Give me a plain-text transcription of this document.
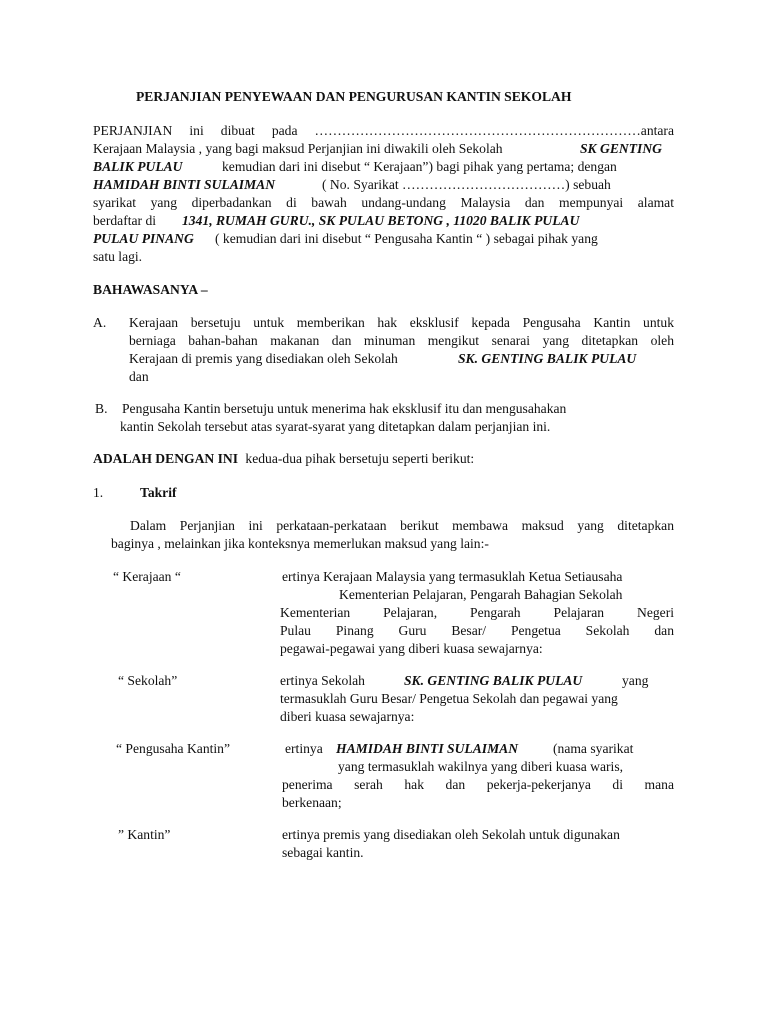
PERJANJIAN PENYEWAAN DAN PENGURUSAN KANTIN SEKOLAH
PERJANJIAN ini dibuat pada ………………………………………………………………antara
Kerajaan Malaysia , yang bagi maksud Perjanjian ini diwakili oleh Sekolah	SK GENTING
BALIK PULAU	kemudian dari ini disebut “ Kerajaan”) bagi pihak yang pertama; dengan
HAMIDAH BINTI SULAIMAN	( No. Syarikat ………………………………) sebuah
syarikat yang diperbadankan di bawah undang-undang Malaysia dan mempunyai alamat
berdaftar di 1341, RUMAH GURU., SK PULAU BETONG , 11020 BALIK PULAU
PULAU PINANG ( kemudian dari ini disebut “ Pengusaha Kantin “ ) sebagai pihak yang
satu lagi.
BAHAWASANYA –
A. Kerajaan bersetuju untuk memberikan hak eksklusif kepada Pengusaha Kantin untuk
berniaga bahan-bahan makanan dan minuman mengikut senarai yang ditetapkan oleh
Kerajaan di premis yang disediakan oleh Sekolah	SK. GENTING BALIK PULAU
dan
B. Pengusaha Kantin bersetuju untuk menerima hak eksklusif itu dan mengusahakan
kantin Sekolah tersebut atas syarat-syarat yang ditetapkan dalam perjanjian ini.
ADALAH DENGAN INI kedua-dua pihak bersetuju seperti berikut:
1.	Takrif
Dalam Perjanjian ini perkataan-perkataan berikut membawa maksud yang ditetapkan
baginya , melainkan jika konteksnya memerlukan maksud yang lain:-
“ Kerajaan “	ertinya Kerajaan Malaysia yang termasuklah Ketua Setiausaha
Kementerian Pelajaran, Pengarah Bahagian Sekolah
Kementerian Pelajaran, Pengarah Pelajaran Negeri
Pulau Pinang Guru Besar/ Pengetua Sekolah dan
pegawai-pegawai yang diberi kuasa sewajarnya:
“ Sekolah”	ertinya Sekolah	SK. GENTING BALIK PULAU	yang
termasuklah Guru Besar/ Pengetua Sekolah dan pegawai yang
diberi kuasa sewajarnya:
“ Pengusaha Kantin”	ertinya HAMIDAH BINTI SULAIMAN	(nama syarikat
yang termasuklah wakilnya yang diberi kuasa waris,
penerima serah hak dan pekerja-pekerjanya di mana
berkenaan;
” Kantin”	ertinya premis yang disediakan oleh Sekolah untuk digunakan
sebagai kantin.
